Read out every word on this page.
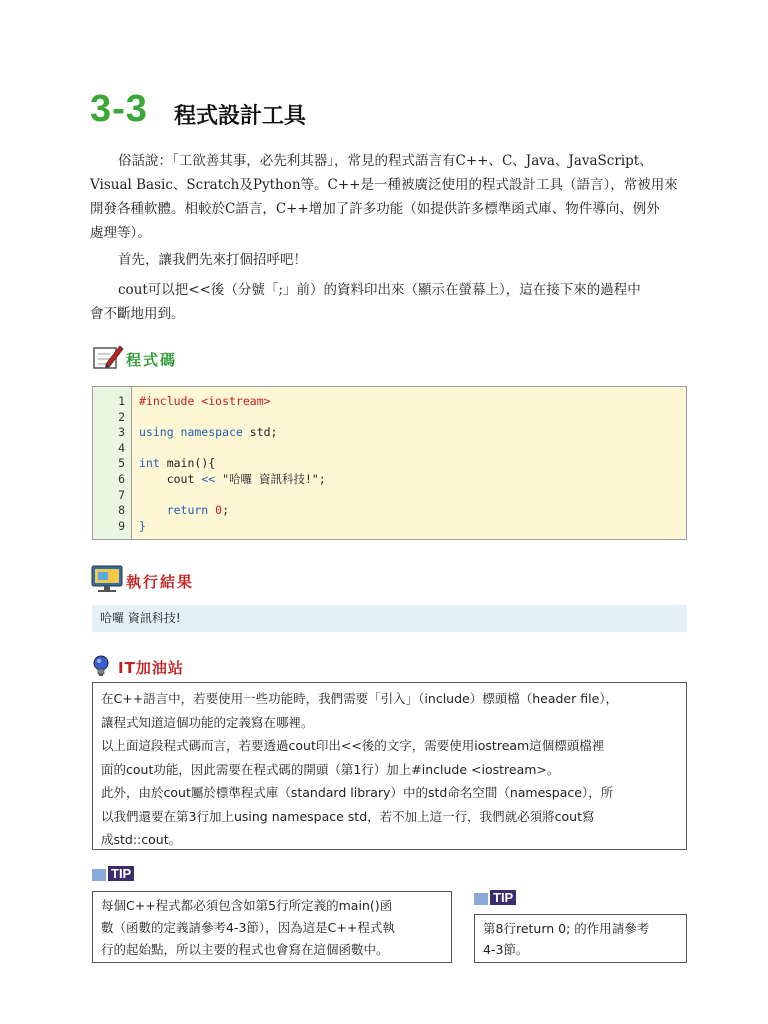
3-3 程式設計工具

俗話說：「工欲善其事，必先利其器」，常見的程式語言有C++、C、Java、JavaScript、

Visual Basic、Scratch及Python等。C++是一種被廣泛使用的程式設計工具（語言），常被用來

開發各種軟體。相較於C語言，C++增加了許多功能（如提供許多標準函式庫、物件導向、例外

處理等）。

首先，讓我們先來打個招呼吧！

cout可以把<<後（分號「;」前）的資料印出來（顯示在螢幕上），這在接下來的過程中

會不斷地用到。

程式碼
1
2
3
4
5
6
7
8
9
#include <iostream>

using namespace std;

int main(){
cout << "哈囉 資訊科技!";

return 0;
}
執行結果
哈囉 資訊科技!
IT加油站

在C++語言中，若要使用一些功能時，我們需要「引入」（include）標頭檔（header file），

讓程式知道這個功能的定義寫在哪裡。

以上面這段程式碼而言，若要透過cout印出<<後的文字，需要使用iostream這個標頭檔裡

面的cout功能，因此需要在程式碼的開頭（第1行）加上#include <iostream>。

此外，由於cout屬於標準程式庫（standard library）中的std命名空間（namespace），所

以我們還要在第3行加上using namespace std，若不加上這一行，我們就必須將cout寫

成std::cout。

TIP
每個C++程式都必須包含如第5行所定義的main()函
數（函數的定義請參考4-3節），因為這是C++程式執
行的起始點，所以主要的程式也會寫在這個函數中。
TIP
第8行return 0; 的作用請參考
4-3節。
